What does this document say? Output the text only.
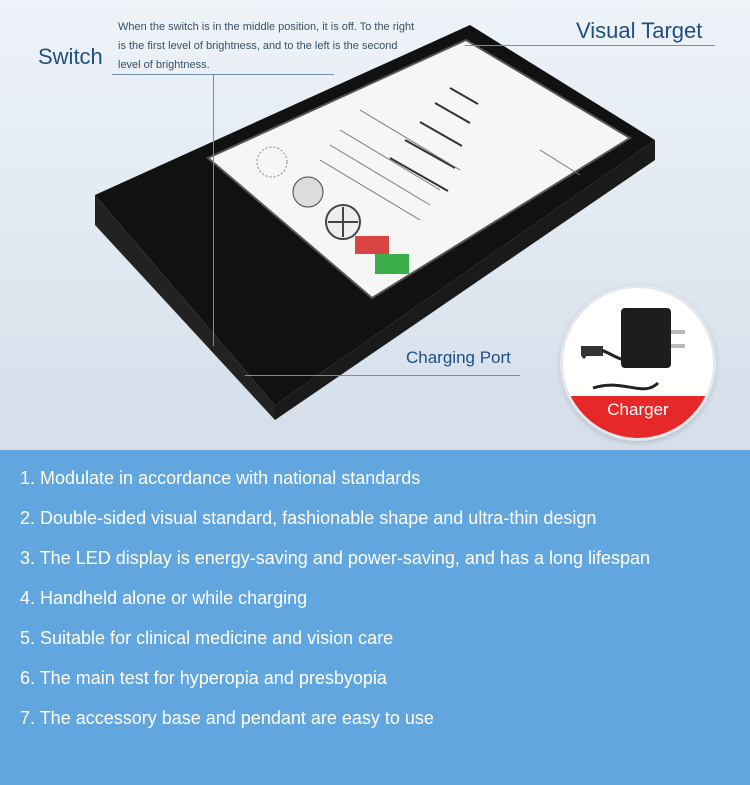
Switch
When the switch is in the middle position, it is off. To the right is the first level of brightness, and to the left is the second level of brightness.
Visual Target
Charging Port
Charger
1. Modulate in accordance with national standards
2. Double-sided visual standard, fashionable shape and ultra-thin design
3. The LED display is energy-saving and power-saving, and has a long lifespan
4. Handheld alone or while charging
5. Suitable for clinical medicine and vision care
6. The main test for hyperopia and presbyopia
7. The accessory base and pendant are easy to use
